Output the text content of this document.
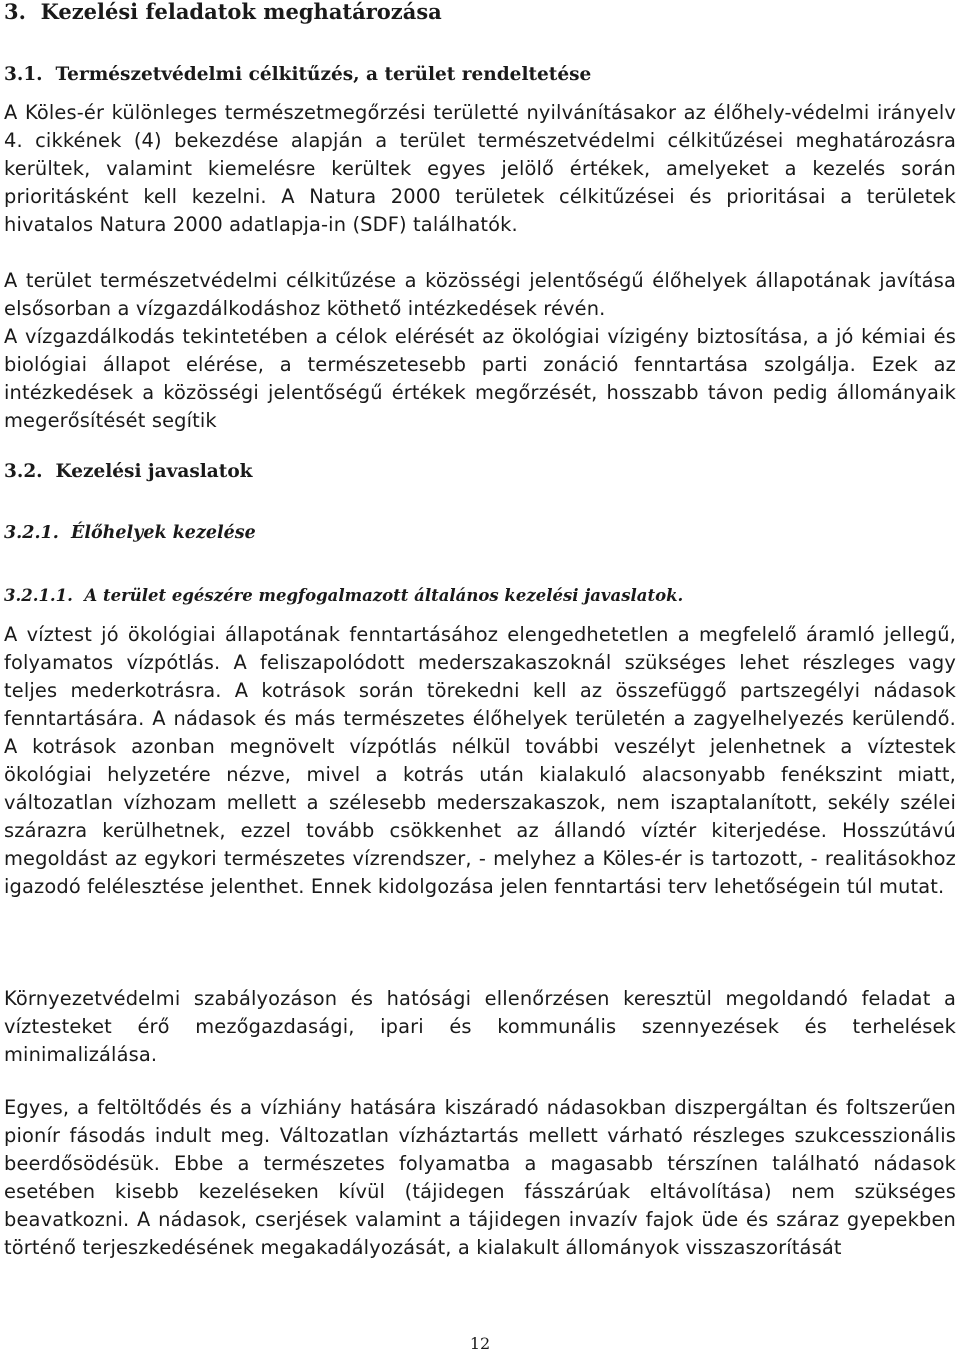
3. Kezelési feladatok meghatározása
3.1. Természetvédelmi célkitűzés, a terület rendeltetése

A Köles-ér különleges természetmegőrzési területté nyilvánításakor az élőhely-védelmi irányelv 4. cikkének (4) bekezdése alapján a terület természetvédelmi célkitűzései meghatározásra kerültek, valamint kiemelésre kerültek egyes jelölő értékek, amelyeket a kezelés során prioritásként kell kezelni. A Natura 2000 területek célkitűzései és prioritásai a területek hivatalos Natura 2000 adatlapja-in (SDF) találhatók.

A terület természetvédelmi célkitűzése a közösségi jelentőségű élőhelyek állapotának javítása elsősorban a vízgazdálkodáshoz köthető intézkedések révén.

A vízgazdálkodás tekintetében a célok elérését az ökológiai vízigény biztosítása, a jó kémiai és biológiai állapot elérése, a természetesebb parti zonáció fenntartása szolgálja. Ezek az intézkedések a közösségi jelentőségű értékek megőrzését, hosszabb távon pedig állományaik megerősítését segítik

3.2. Kezelési javaslatok
3.2.1. Élőhelyek kezelése
3.2.1.1. A terület egészére megfogalmazott általános kezelési javaslatok.

A víztest jó ökológiai állapotának fenntartásához elengedhetetlen a megfelelő áramló jellegű, folyamatos vízpótlás. A feliszapolódott mederszakaszoknál szükséges lehet részleges vagy teljes mederkotrásra. A kotrások során törekedni kell az összefüggő partszegélyi nádasok fenntartására. A nádasok és más természetes élőhelyek területén a zagyelhelyezés kerülendő. A kotrások azonban megnövelt vízpótlás nélkül további veszélyt jelenhetnek a víztestek ökológiai helyzetére nézve, mivel a kotrás után kialakuló alacsonyabb fenékszint miatt, változatlan vízhozam mellett a szélesebb mederszakaszok, nem iszaptalanított, sekély szélei szárazra kerülhetnek, ezzel tovább csökkenhet az állandó víztér kiterjedése. Hosszútávú megoldást az egykori természetes vízrendszer, - melyhez a Köles-ér is tartozott, - realitásokhoz igazodó felélesztése jelenthet. Ennek kidolgozása jelen fenntartási terv lehetőségein túl mutat.

Környezetvédelmi szabályozáson és hatósági ellenőrzésen keresztül megoldandó feladat a víztesteket érő mezőgazdasági, ipari és kommunális szennyezések és terhelések minimalizálása.

Egyes, a feltöltődés és a vízhiány hatására kiszáradó nádasokban diszpergáltan és foltszerűen pionír fásodás indult meg. Változatlan vízháztartás mellett várható részleges szukcesszionális beerdősödésük. Ebbe a természetes folyamatba a magasabb térszínen található nádasok esetében kisebb kezeléseken kívül (tájidegen fásszárúak eltávolítása) nem szükséges beavatkozni. A nádasok, cserjések valamint a tájidegen invazív fajok üde és száraz gyepekben történő terjeszkedésének megakadályozását, a kialakult állományok visszaszorítását

12
